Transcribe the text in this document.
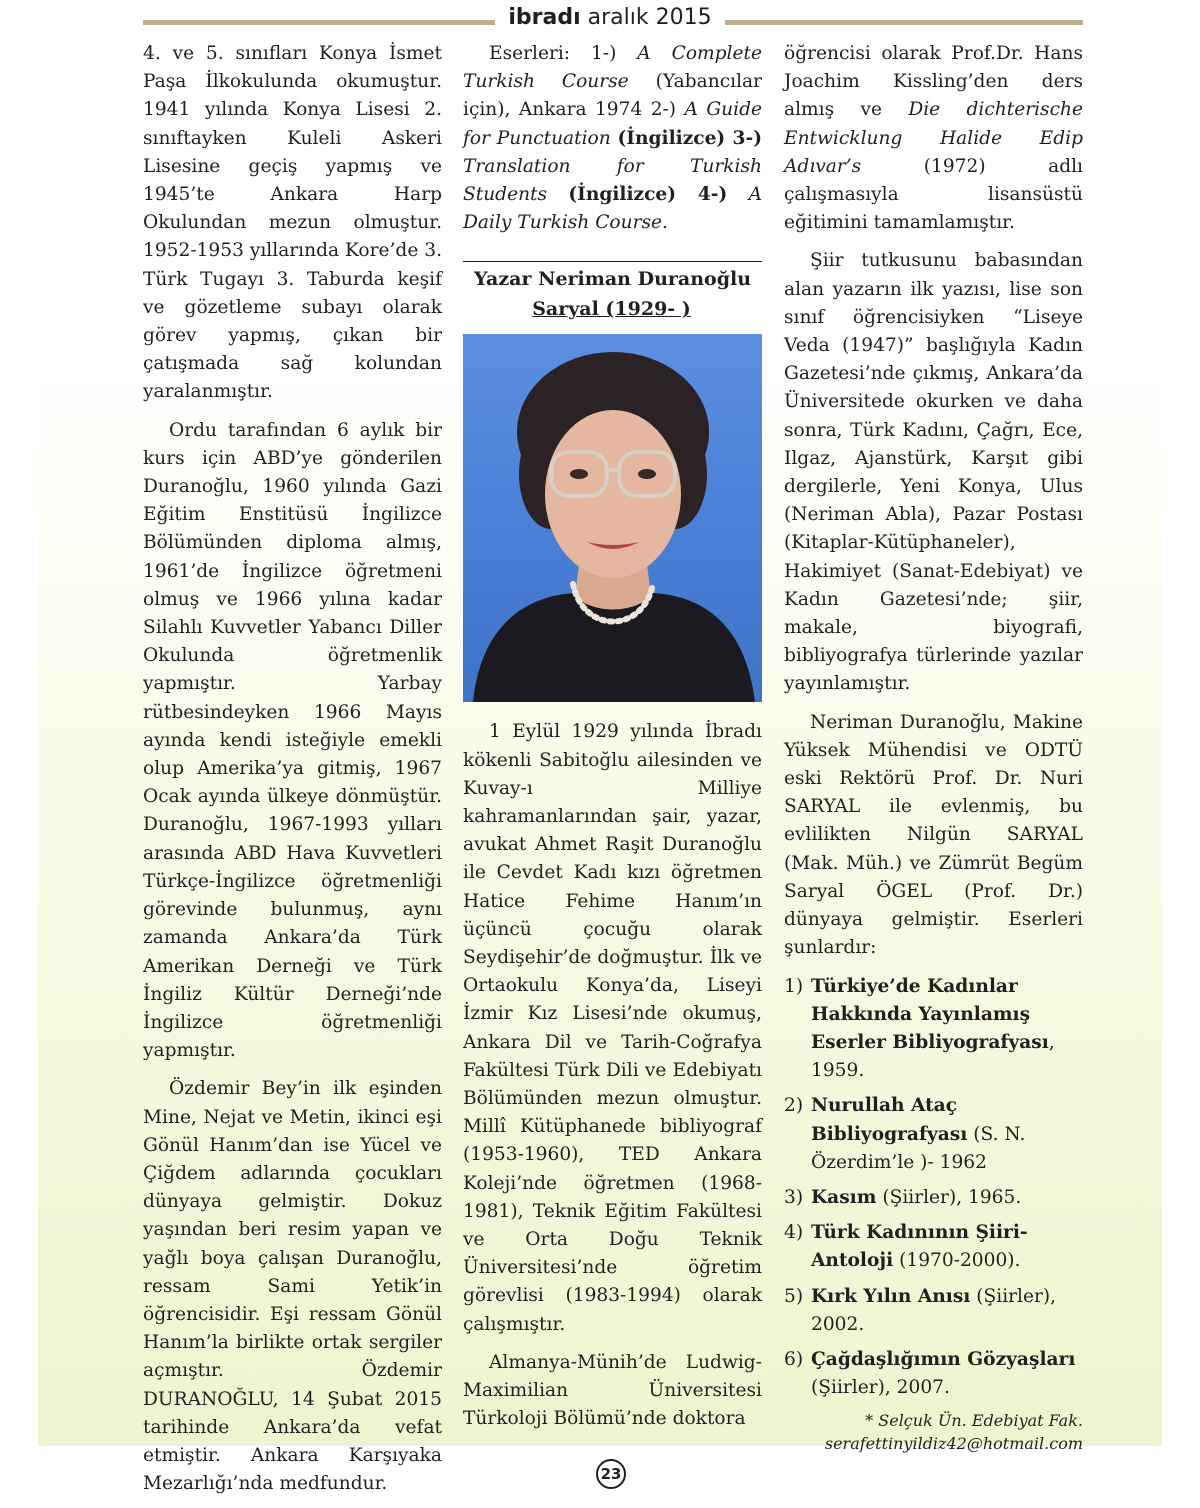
ibradı aralık 2015

4. ve 5. sınıfları Konya İsmet Paşa İlkokulunda okumuştur. 1941 yılında Konya Lisesi 2. sınıftayken Kuleli Askeri Lisesine geçiş yapmış ve 1945’te Ankara Harp Okulundan mezun olmuştur. 1952-1953 yıllarında Kore’de 3. Türk Tugayı 3. Taburda keşif ve gözetleme subayı olarak görev yapmış, çıkan bir çatışmada sağ kolundan yaralanmıştır.

Ordu tarafından 6 aylık bir kurs için ABD’ye gönderilen Duranoğlu, 1960 yılında Gazi Eğitim Enstitüsü İngilizce Bölümünden diploma almış, 1961’de İngilizce öğretmeni olmuş ve 1966 yılına kadar Silahlı Kuvvetler Yabancı Diller Okulunda öğretmenlik yapmıştır. Yarbay rütbesindeyken 1966 Mayıs ayında kendi isteğiyle emekli olup Amerika’ya gitmiş, 1967 Ocak ayında ülkeye dönmüştür. Duranoğlu, 1967-1993 yılları arasında ABD Hava Kuvvetleri Türkçe-İngilizce öğretmenliği görevinde bulunmuş, aynı zamanda Ankara’da Türk Amerikan Derneği ve Türk İngiliz Kültür Derneği’nde İngilizce öğretmenliği yapmıştır.

Özdemir Bey’in ilk eşinden Mine, Nejat ve Metin, ikinci eşi Gönül Hanım’dan ise Yücel ve Çiğdem adlarında çocukları dünyaya gelmiştir. Dokuz yaşından beri resim yapan ve yağlı boya çalışan Duranoğlu, ressam Sami Yetik’in öğrencisidir. Eşi ressam Gönül Hanım’la birlikte ortak sergiler açmıştır. Özdemir DURANOĞLU, 14 Şubat 2015 tarihinde Ankara’da vefat etmiştir. Ankara Karşıyaka Mezarlığı’nda medfundur.

Eserleri: 1-) A Complete Turkish Course (Yabancılar için), Ankara 1974 2-) A Guide for Punctuation (İngilizce) 3-) Translation for Turkish Students (İngilizce) 4-) A Daily Turkish Course.

Yazar Neriman Duranoğlu
Saryal (1929- )

1 Eylül 1929 yılında İbradı kökenli Sabitoğlu ailesinden ve Kuvay-ı Milliye kahramanlarından şair, yazar, avukat Ahmet Raşit Duranoğlu ile Cevdet Kadı kızı öğretmen Hatice Fehime Hanım’ın üçüncü çocuğu olarak Seydişehir’de doğmuştur. İlk ve Ortaokulu Konya’da, Liseyi İzmir Kız Lisesi’nde okumuş, Ankara Dil ve Tarih-Coğrafya Fakültesi Türk Dili ve Edebiyatı Bölümünden mezun olmuştur. Millî Kütüphanede bibliyograf (1953-1960), TED Ankara Koleji’nde öğretmen (1968-1981), Teknik Eğitim Fakültesi ve Orta Doğu Teknik Üniversitesi’nde öğretim görevlisi (1983-1994) olarak çalışmıştır.

Almanya-Münih’de Ludwig-Maximilian Üniversitesi Türkoloji Bölümü’nde doktora

öğrencisi olarak Prof.Dr. Hans Joachim Kissling’den ders almış ve Die dichterische Entwicklung Halide Edip Adıvar’s	(1972) adlı çalışmasıyla lisansüstü eğitimini tamamlamıştır.

Şiir tutkusunu babasından alan yazarın ilk yazısı, lise son sınıf öğrencisiyken “Liseye Veda (1947)” başlığıyla Kadın Gazetesi’nde çıkmış, Ankara’da Üniversitede okurken ve daha sonra, Türk Kadını, Çağrı, Ece, Ilgaz, Ajanstürk, Karşıt gibi dergilerle, Yeni Konya, Ulus (Neriman Abla), Pazar Postası (Kitaplar-Kütüphaneler), Hakimiyet (Sanat-Edebiyat) ve Kadın Gazetesi’nde; şiir, makale, biyografi, bibliyografya türlerinde yazılar yayınlamıştır.

Neriman Duranoğlu, Makine Yüksek Mühendisi ve ODTÜ eski Rektörü Prof. Dr. Nuri SARYAL ile evlenmiş, bu evlilikten Nilgün SARYAL (Mak. Müh.) ve Zümrüt Begüm Saryal ÖGEL (Prof. Dr.) dünyaya gelmiştir. Eserleri şunlardır:

1) Türkiye’de Kadınlar Hakkında Yayınlamış Eserler Bibliyografyası, 1959.
2) Nurullah Ataç Bibliyografyası (S. N. Özerdim’le )- 1962
3) Kasım (Şiirler), 1965.
4) Türk Kadınının Şiiri-Antoloji (1970-2000).
5) Kırk Yılın Anısı (Şiirler), 2002.
6) Çağdaşlığımın Gözyaşları (Şiirler), 2007.
* Selçuk Ün. Edebiyat Fak.
serafettinyildiz42@hotmail.com
23
